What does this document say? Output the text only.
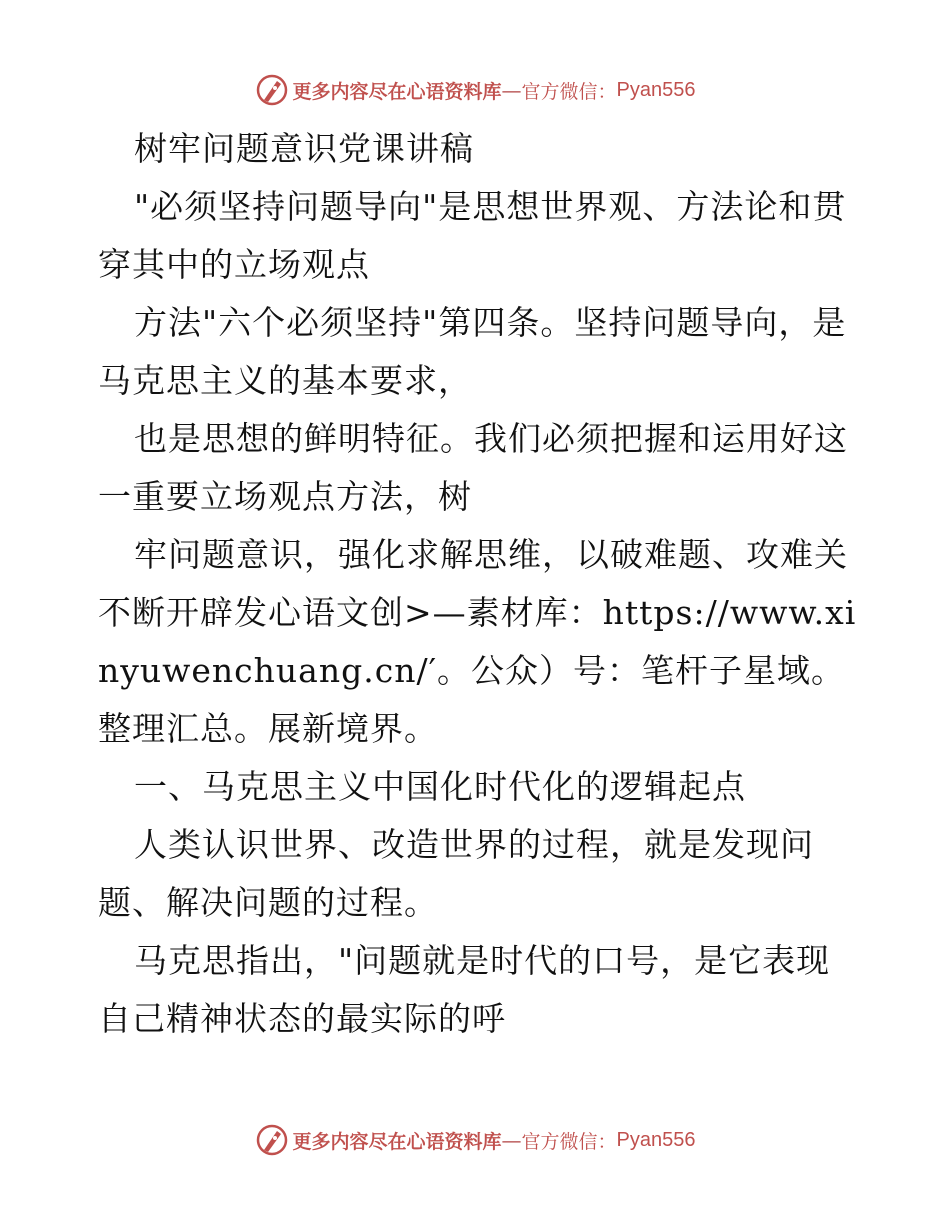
更多内容尽在心语资料库 — 官方微信： Pyan556

树牢问题意识党课讲稿

"必须坚持问题导向"是思想世界观、方法论和贯穿其中的立场观点

方法"六个必须坚持"第四条。坚持问题导向，是马克思主义的基本要求，

也是思想的鲜明特征。我们必须把握和运用好这一重要立场观点方法，树

牢问题意识，强化求解思维，以破难题、攻难关不断开辟发心语文创>—素材库：https://www.xinyuwenchuang.cn/′。公众）号：笔杆子星域。整理汇总。展新境界。

一、马克思主义中国化时代化的逻辑起点

人类认识世界、改造世界的过程，就是发现问题、解决问题的过程。

马克思指出，"问题就是时代的口号，是它表现自己精神状态的最实际的呼

更多内容尽在心语资料库 — 官方微信： Pyan556
